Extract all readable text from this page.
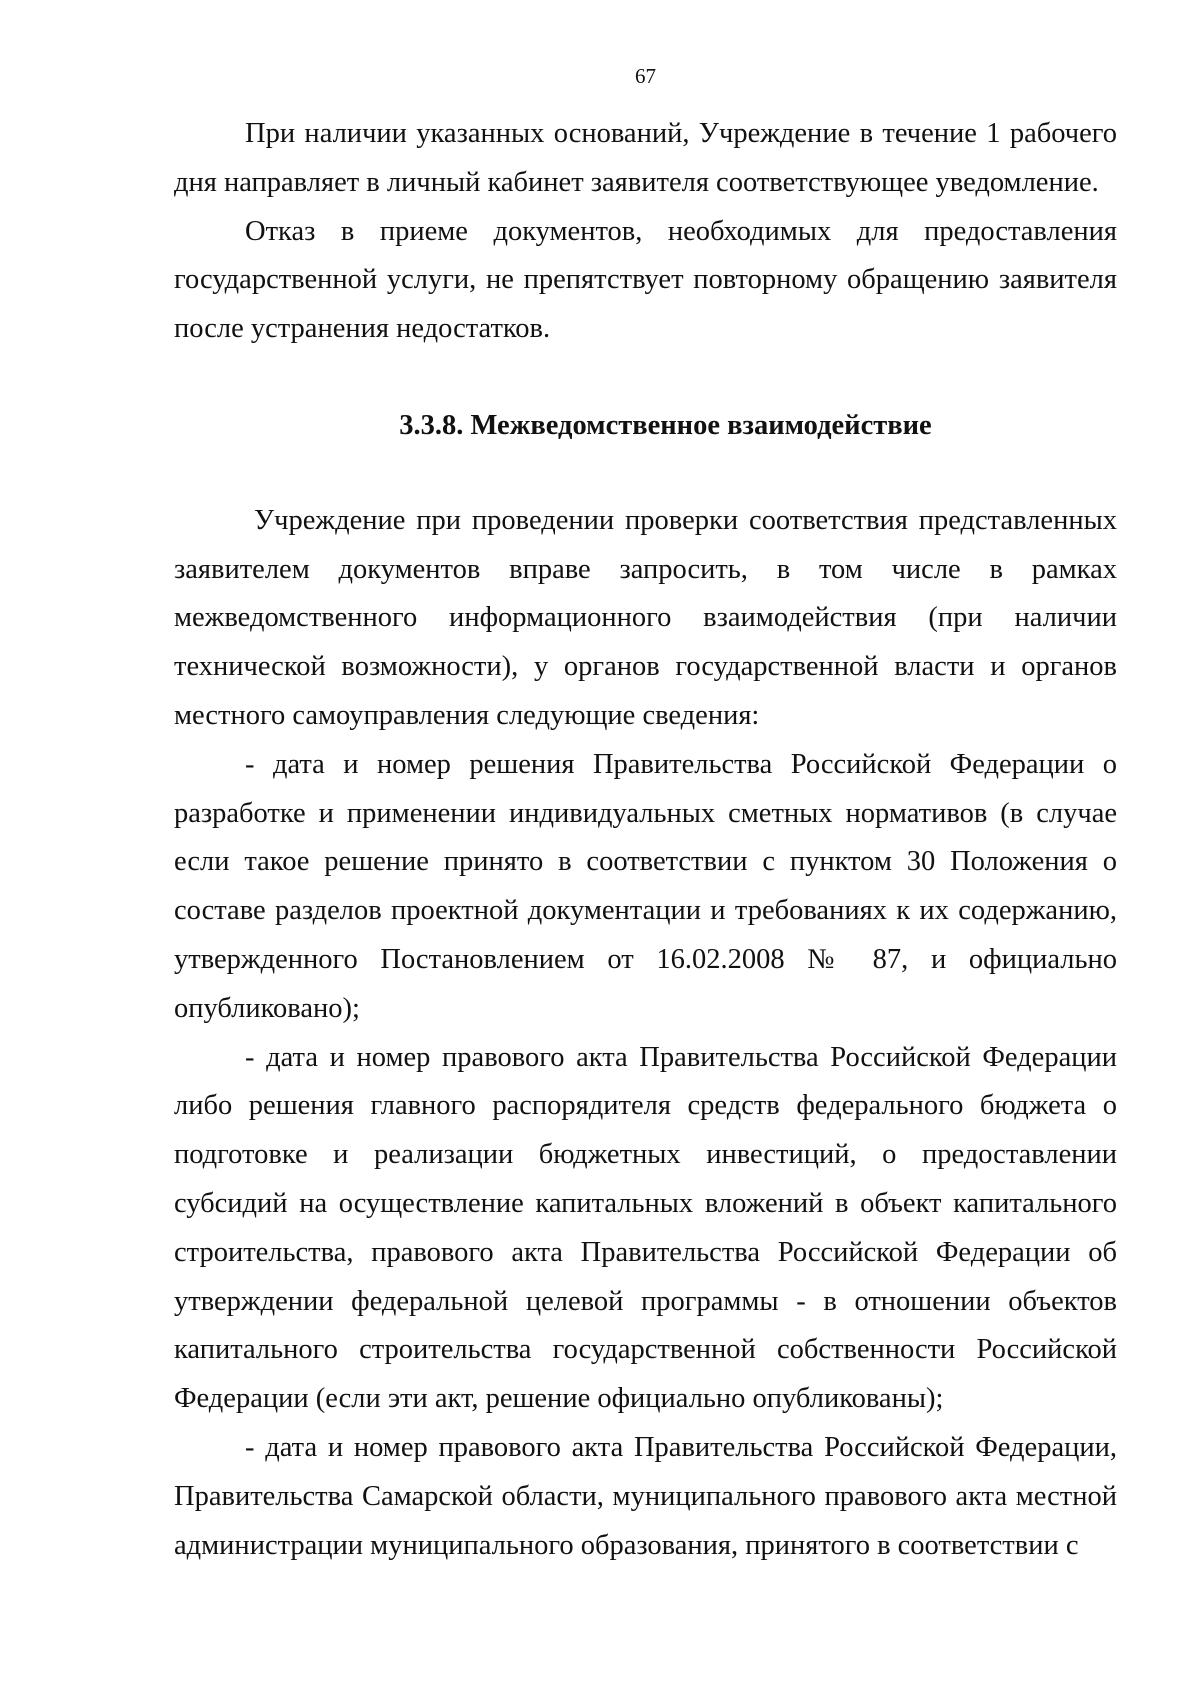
67

При наличии указанных оснований, Учреждение в течение 1 рабочего дня направляет в личный кабинет заявителя соответствующее уведомление.

Отказ в приеме документов, необходимых для предоставления государственной услуги, не препятствует повторному обращению заявителя после устранения недостатков.

3.3.8. Межведомственное взаимодействие

Учреждение при проведении проверки соответствия представленных заявителем документов вправе запросить, в том числе в рамках межведомственного информационного взаимодействия (при наличии технической возможности), у органов государственной власти и органов местного самоуправления следующие сведения:

- дата и номер решения Правительства Российской Федерации о разработке и применении индивидуальных сметных нормативов (в случае если такое решение принято в соответствии с пунктом 30 Положения о составе разделов проектной документации и требованиях к их содержанию, утвержденного Постановлением от 16.02.2008 № 87, и официально опубликовано);

- дата и номер правового акта Правительства Российской Федерации либо решения главного распорядителя средств федерального бюджета о подготовке и реализации бюджетных инвестиций, о предоставлении субсидий на осуществление капитальных вложений в объект капитального строительства, правового акта Правительства Российской Федерации об утверждении федеральной целевой программы - в отношении объектов капитального строительства государственной собственности Российской Федерации (если эти акт, решение официально опубликованы);

- дата и номер правового акта Правительства Российской Федерации, Правительства Самарской области, муниципального правового акта местной администрации муниципального образования, принятого в соответствии с
